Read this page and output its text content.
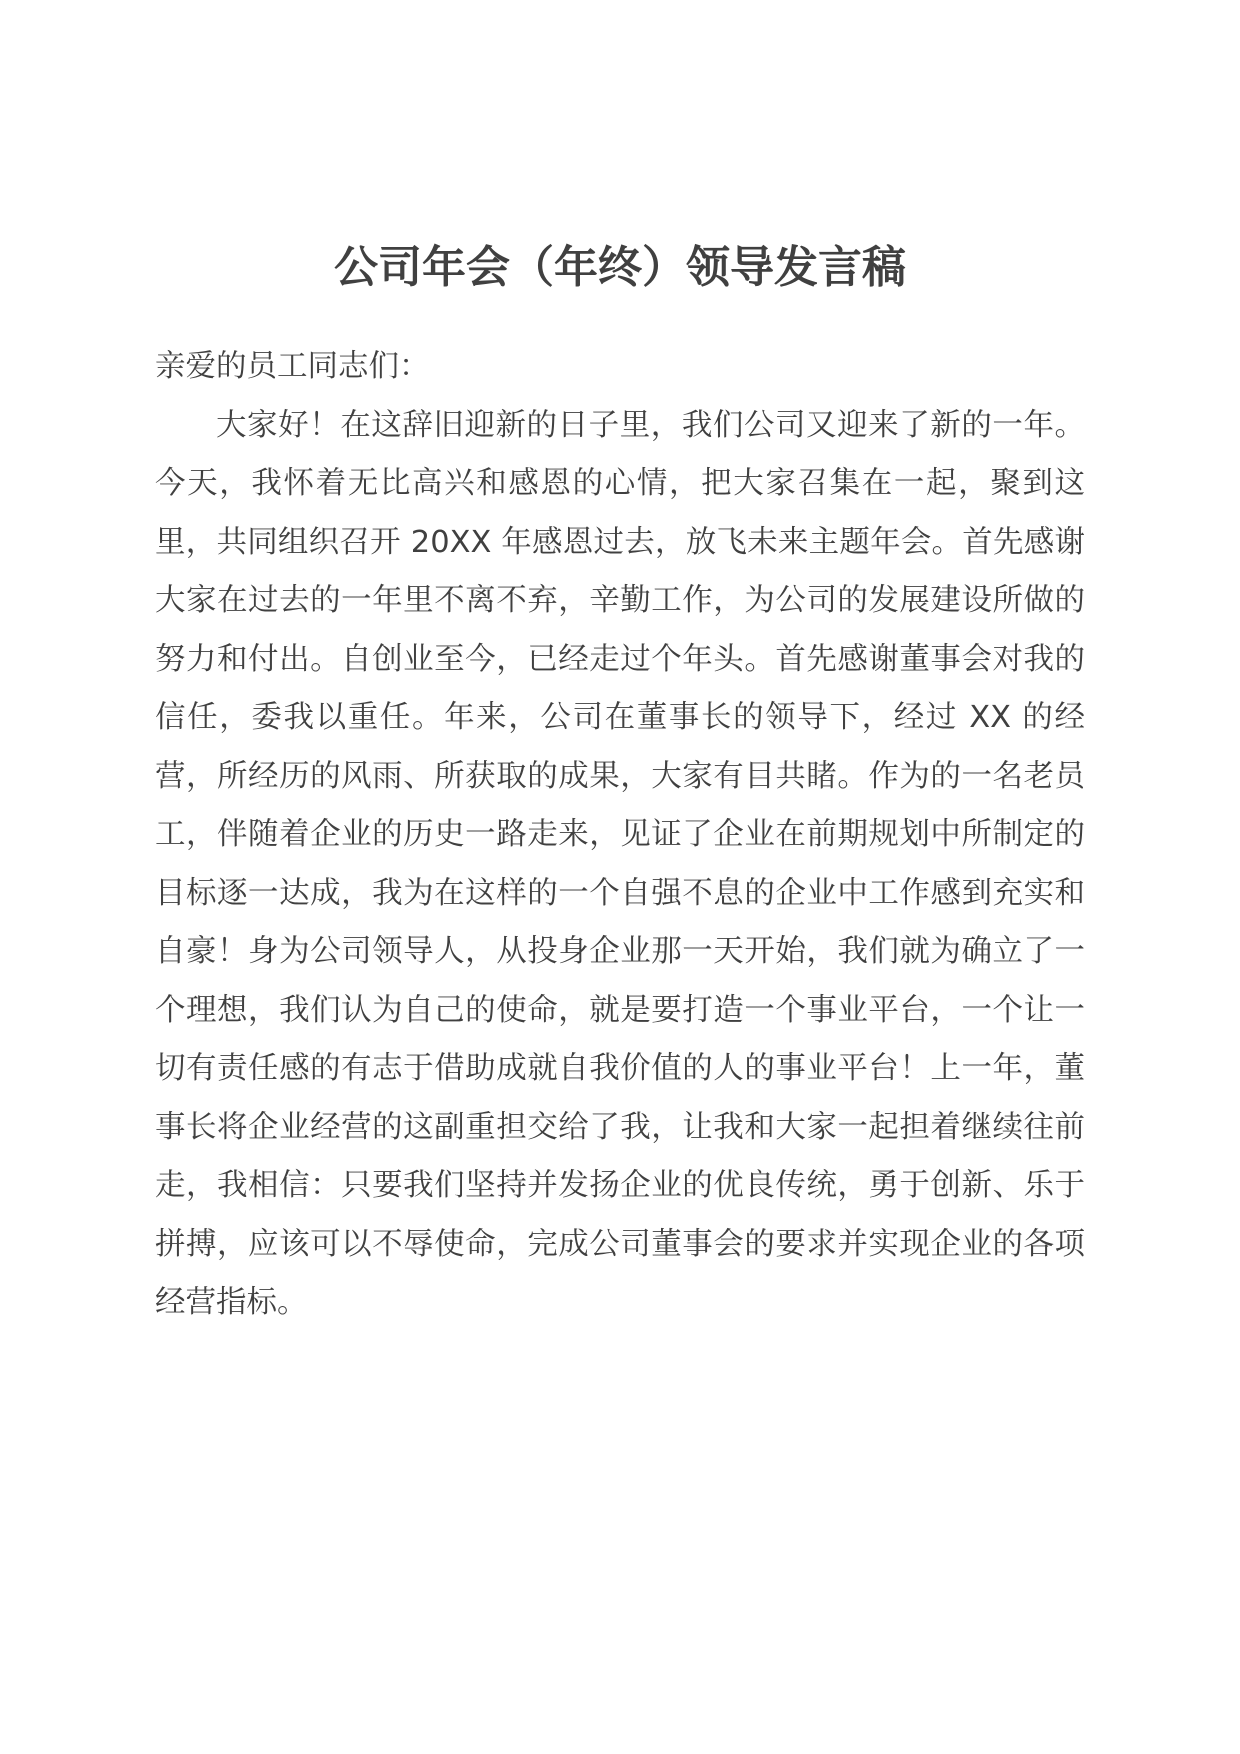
公司年会（年终）领导发言稿

亲爱的员工同志们：

大家好！在这辞旧迎新的日子里，我们公司又迎来了新的一年。今天，我怀着无比高兴和感恩的心情，把大家召集在一起，聚到这里，共同组织召开 20XX 年感恩过去，放飞未来主题年会。首先感谢大家在过去的一年里不离不弃，辛勤工作，为公司的发展建设所做的努力和付出。自创业至今，已经走过个年头。首先感谢董事会对我的信任，委我以重任。年来，公司在董事长的领导下，经过 XX 的经营，所经历的风雨、所获取的成果，大家有目共睹。作为的一名老员工，伴随着企业的历史一路走来，见证了企业在前期规划中所制定的目标逐一达成，我为在这样的一个自强不息的企业中工作感到充实和自豪！身为公司领导人，从投身企业那一天开始，我们就为确立了一个理想，我们认为自己的使命，就是要打造一个事业平台，一个让一切有责任感的有志于借助成就自我价值的人的事业平台！上一年，董事长将企业经营的这副重担交给了我，让我和大家一起担着继续往前走，我相信：只要我们坚持并发扬企业的优良传统，勇于创新、乐于拼搏，应该可以不辱使命，完成公司董事会的要求并实现企业的各项经营指标。
